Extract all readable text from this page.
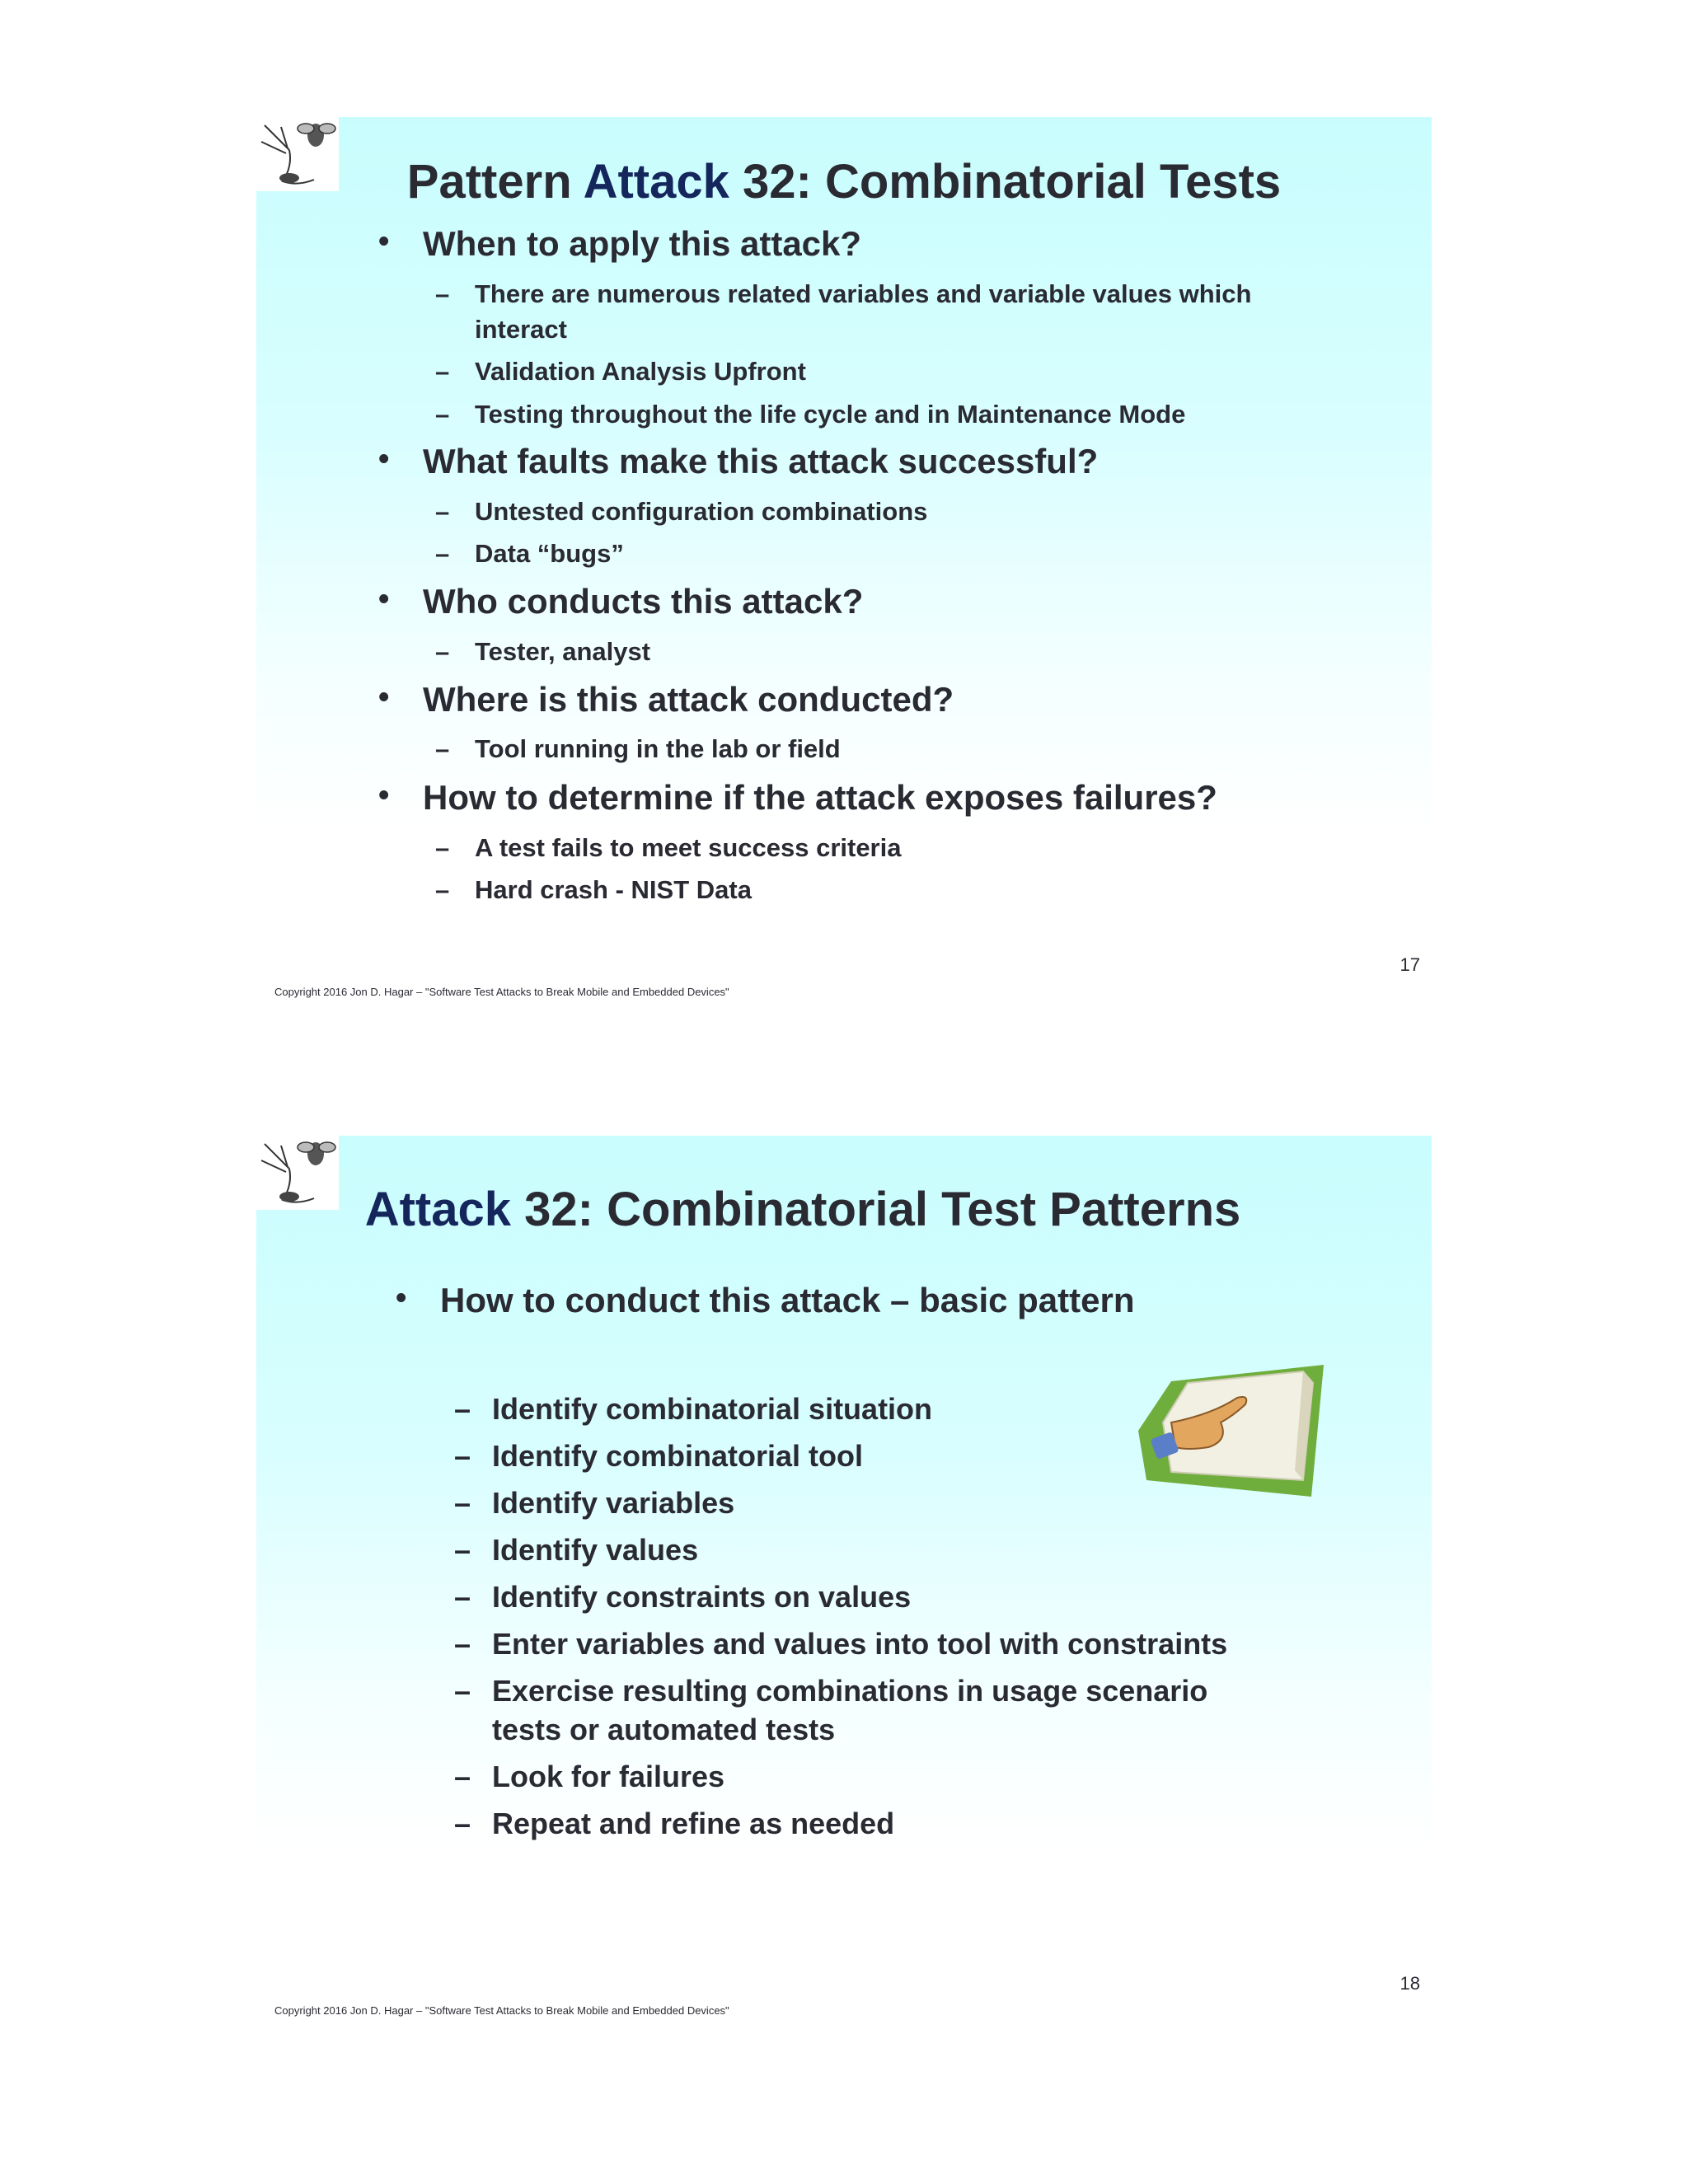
Pattern Attack 32: Combinatorial Tests
• When to apply this attack?
– There are numerous related variables and variable values which
interact
– Validation Analysis Upfront
– Testing throughout the life cycle and in Maintenance Mode
• What faults make this attack successful?
– Untested configuration combinations
– Data “bugs”
• Who conducts this attack?
– Tester, analyst
• Where is this attack conducted?
– Tool running in the lab or field
• How to determine if the attack exposes failures?
– A test fails to meet success criteria
– Hard crash - NIST Data
17
Copyright 2016 Jon D. Hagar – "Software Test Attacks to Break Mobile and Embedded Devices"
Attack 32: Combinatorial Test Patterns
• How to conduct this attack – basic pattern
– Identify combinatorial situation
– Identify combinatorial tool
– Identify variables
– Identify values
– Identify constraints on values
– Enter variables and values into tool with constraints
– Exercise resulting combinations in usage scenario
tests or automated tests
– Look for failures
– Repeat and refine as needed
18
Copyright 2016 Jon D. Hagar – "Software Test Attacks to Break Mobile and Embedded Devices"
